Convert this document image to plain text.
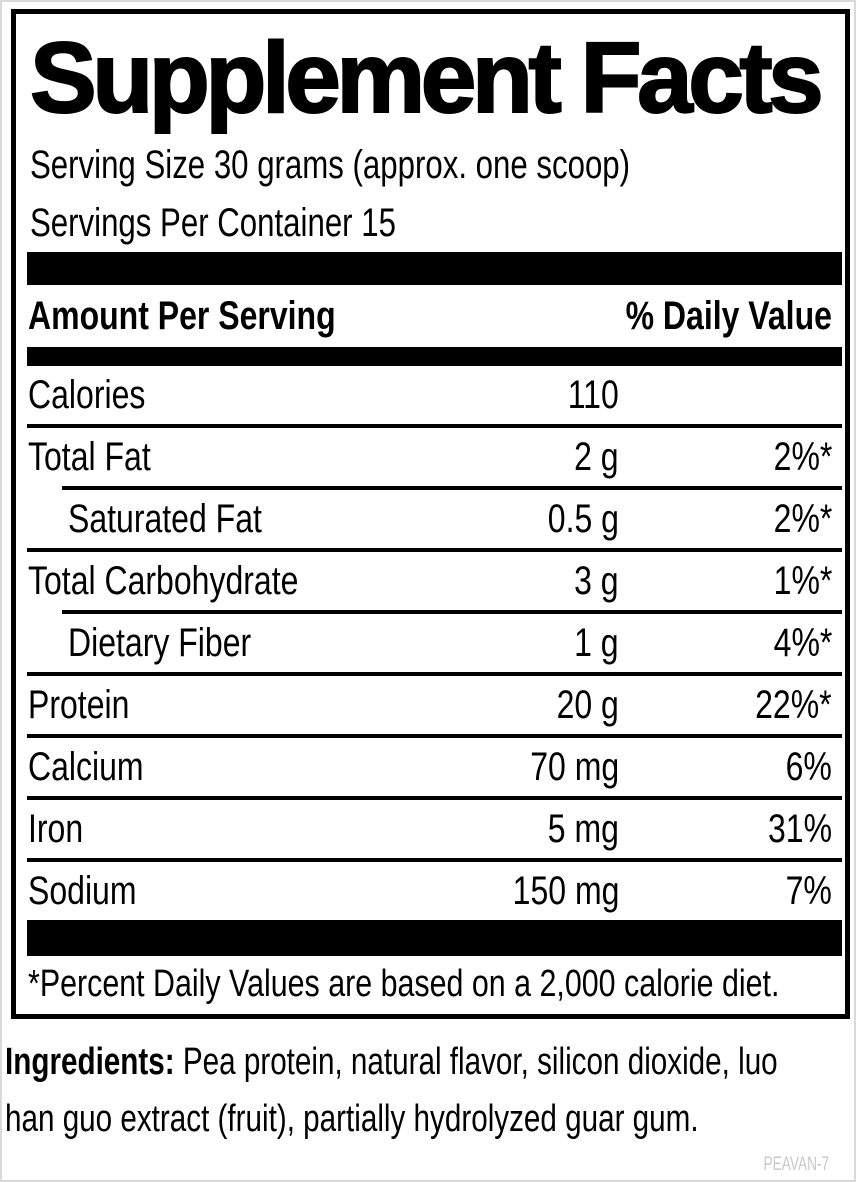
Supplement Facts
Serving Size 30 grams (approx. one scoop)
Servings Per Container 15
Amount Per Serving	% Daily Value
Calories	110
Total Fat	2 g	2%*
Saturated Fat	0.5 g	2%*
Total Carbohydrate	3 g	1%*
Dietary Fiber	1 g	4%*
Protein	20 g	22%*
Calcium	70 mg	6%
Iron	5 mg	31%
Sodium	150 mg	7%
*Percent Daily Values are based on a 2,000 calorie diet.

Ingredients: Pea protein, natural flavor, silicon dioxide, luo
han guo extract (fruit), partially hydrolyzed guar gum.

PEAVAN-7
